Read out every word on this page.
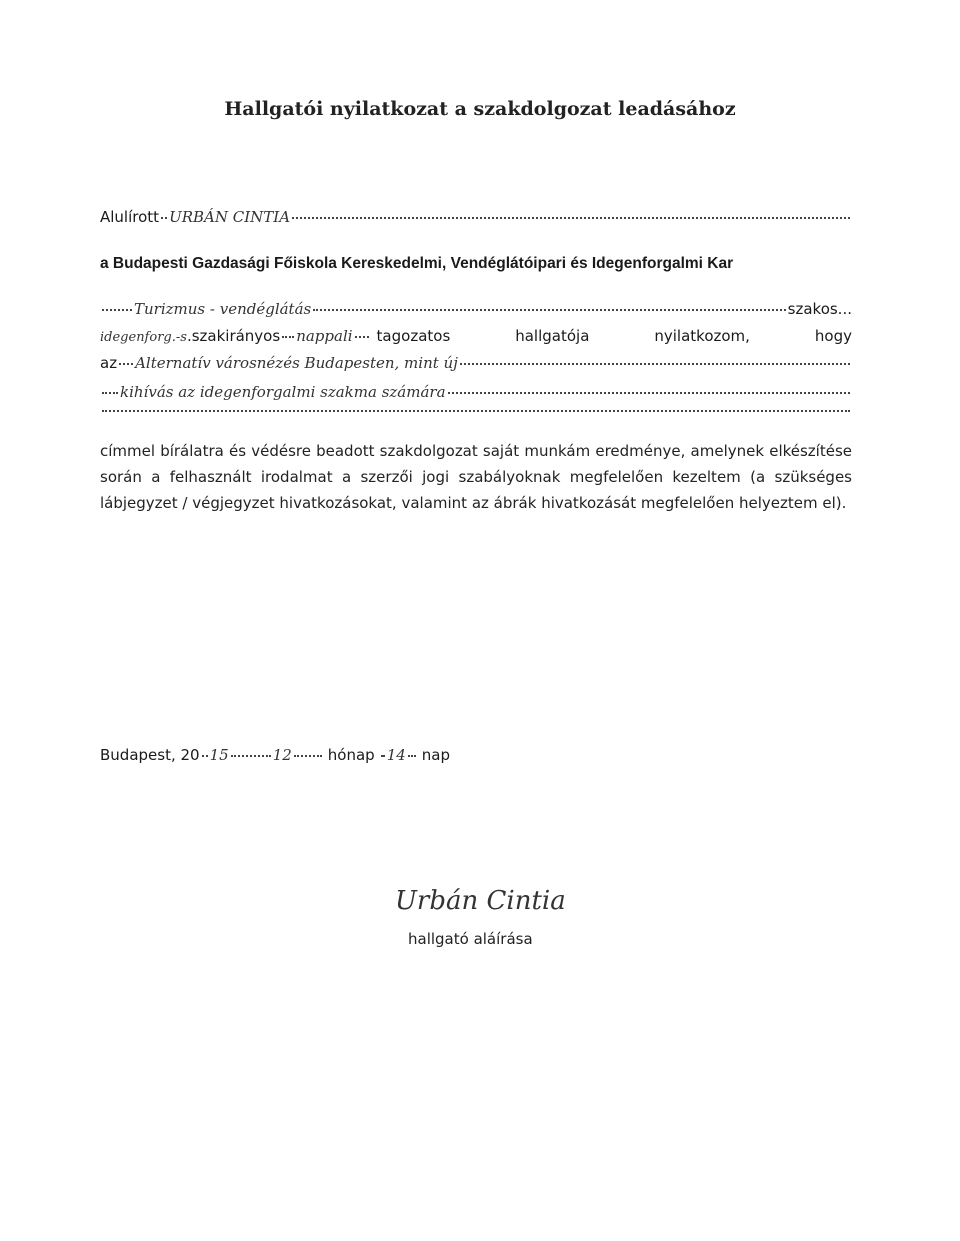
Hallgatói nyilatkozat a szakdolgozat leadásához
Alulírott URBÁN CINTIA
a Budapesti Gazdasági Főiskola Kereskedelmi, Vendéglátóipari és Idegenforgalmi Kar
Turizmus - vendéglátás	szakos...
idegenforg.-s .szakirányos nappali tagozatos hallgatója nyilatkozom, hogy
az Alternatív városnézés Budapesten, mint új
kihívás az idegenforgalmi szakma számára
címmel bírálatra és védésre beadott szakdolgozat saját munkám eredménye, amelynek elkészítése során a felhasznált irodalmat a szerzői jogi szabályoknak megfelelően kezeltem (a szükséges lábjegyzet / végjegyzet hivatkozásokat, valamint az ábrák hivatkozását megfelelően helyeztem el).
Budapest, 20 15	12 hónap 14 nap
Urbán Cintia
hallgató aláírása
